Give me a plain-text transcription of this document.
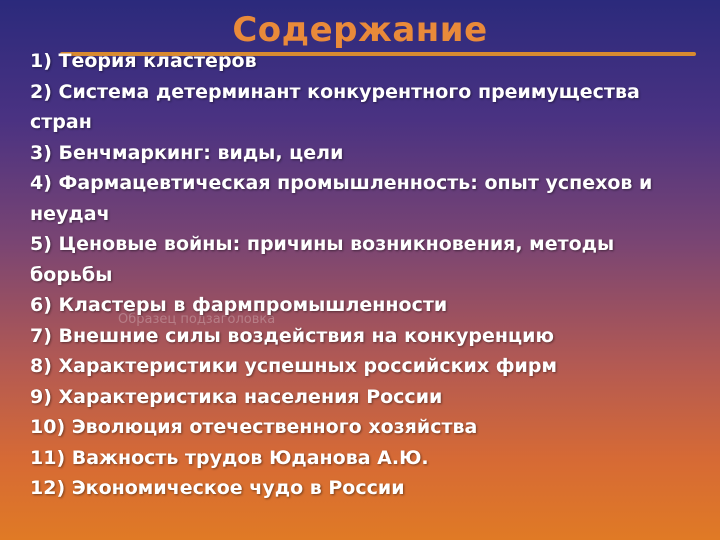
Содержание

Образец подзаголовка

1) Теория кластеров
2) Система детерминант конкурентного преимущества стран
3) Бенчмаркинг: виды, цели
4) Фармацевтическая промышленность: опыт успехов и неудач
5) Ценовые войны: причины возникновения, методы борьбы
6) Кластеры в фармпромышленности
7) Внешние силы воздействия на конкуренцию
8) Характеристики успешных российских фирм
9) Характеристика населения России
10) Эволюция отечественного хозяйства
11) Важность трудов Юданова А.Ю.
12) Экономическое чудо в России
